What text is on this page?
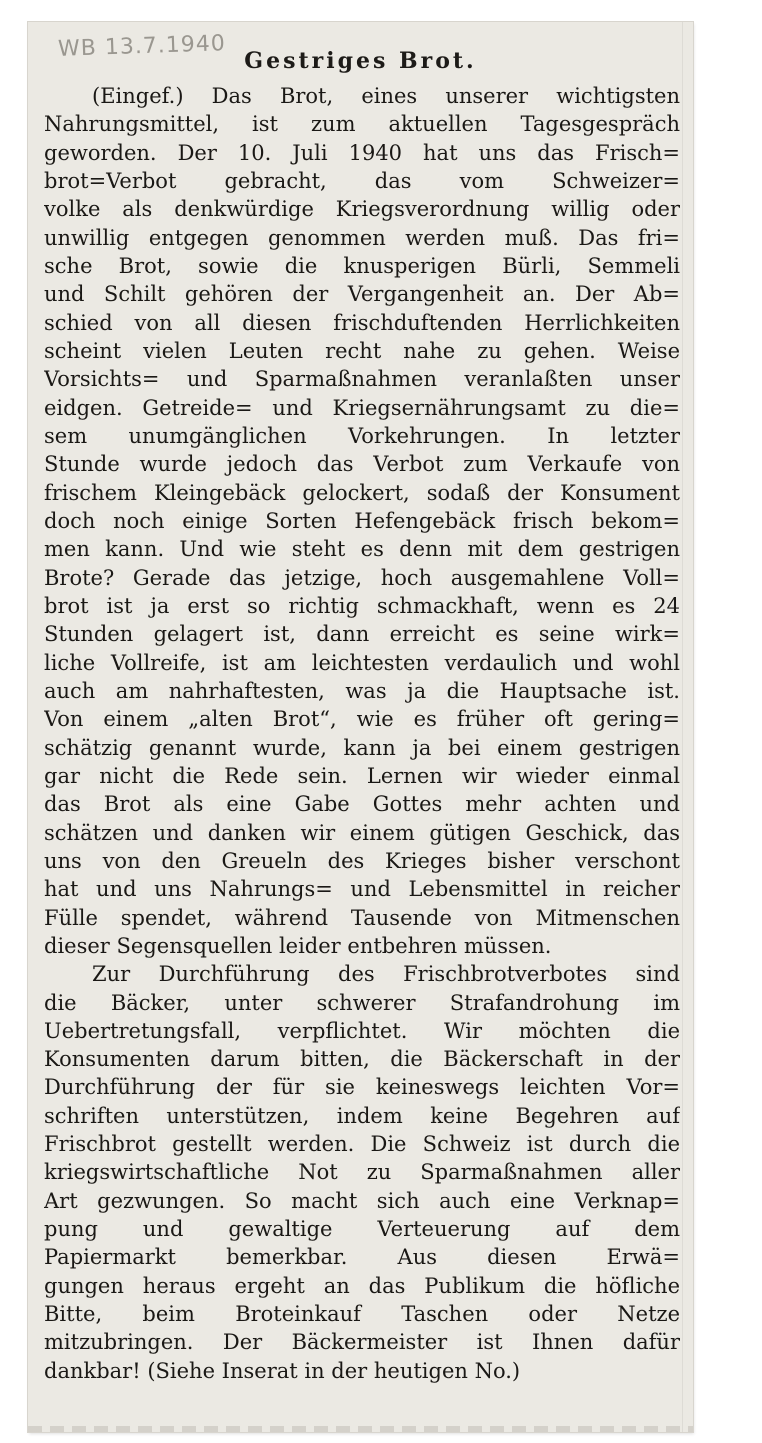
WB 13.7.1940 Gestriges Brot.
(Eingef.) Das Brot, eines unserer wichtigsten
Nahrungsmittel, ist zum aktuellen Tagesgespräch
geworden. Der 10. Juli 1940 hat uns das Frisch=
brot=Verbot gebracht, das vom Schweizer=
volke als denkwürdige Kriegsverordnung willig oder
unwillig entgegen genommen werden muß. Das fri=
sche Brot, sowie die knusperigen Bürli, Semmeli
und Schilt gehören der Vergangenheit an. Der Ab=
schied von all diesen frischduftenden Herrlichkeiten
scheint vielen Leuten recht nahe zu gehen. Weise
Vorsichts= und Sparmaßnahmen veranlaßten unser
eidgen. Getreide= und Kriegsernährungsamt zu die=
sem unumgänglichen Vorkehrungen. In letzter
Stunde wurde jedoch das Verbot zum Verkaufe von
frischem Kleingebäck gelockert, sodaß der Konsument
doch noch einige Sorten Hefengebäck frisch bekom=
men kann. Und wie steht es denn mit dem gestrigen
Brote? Gerade das jetzige, hoch ausgemahlene Voll=
brot ist ja erst so richtig schmackhaft, wenn es 24
Stunden gelagert ist, dann erreicht es seine wirk=
liche Vollreife, ist am leichtesten verdaulich und wohl
auch am nahrhaftesten, was ja die Hauptsache ist.
Von einem „alten Brot“, wie es früher oft gering=
schätzig genannt wurde, kann ja bei einem gestrigen
gar nicht die Rede sein. Lernen wir wieder einmal
das Brot als eine Gabe Gottes mehr achten und
schätzen und danken wir einem gütigen Geschick, das
uns von den Greueln des Krieges bisher verschont
hat und uns Nahrungs= und Lebensmittel in reicher
Fülle spendet, während Tausende von Mitmenschen
dieser Segensquellen leider entbehren müssen.
Zur Durchführung des Frischbrotverbotes sind
die Bäcker, unter schwerer Strafandrohung im
Uebertretungsfall, verpflichtet. Wir möchten die
Konsumenten darum bitten, die Bäckerschaft in der
Durchführung der für sie keineswegs leichten Vor=
schriften unterstützen, indem keine Begehren auf
Frischbrot gestellt werden. Die Schweiz ist durch die
kriegswirtschaftliche Not zu Sparmaßnahmen aller
Art gezwungen. So macht sich auch eine Verknap=
pung und gewaltige Verteuerung auf dem
Papiermarkt bemerkbar. Aus diesen Erwä=
gungen heraus ergeht an das Publikum die höfliche
Bitte, beim Broteinkauf Taschen oder Netze
mitzubringen. Der Bäckermeister ist Ihnen dafür
dankbar! (Siehe Inserat in der heutigen No.)
